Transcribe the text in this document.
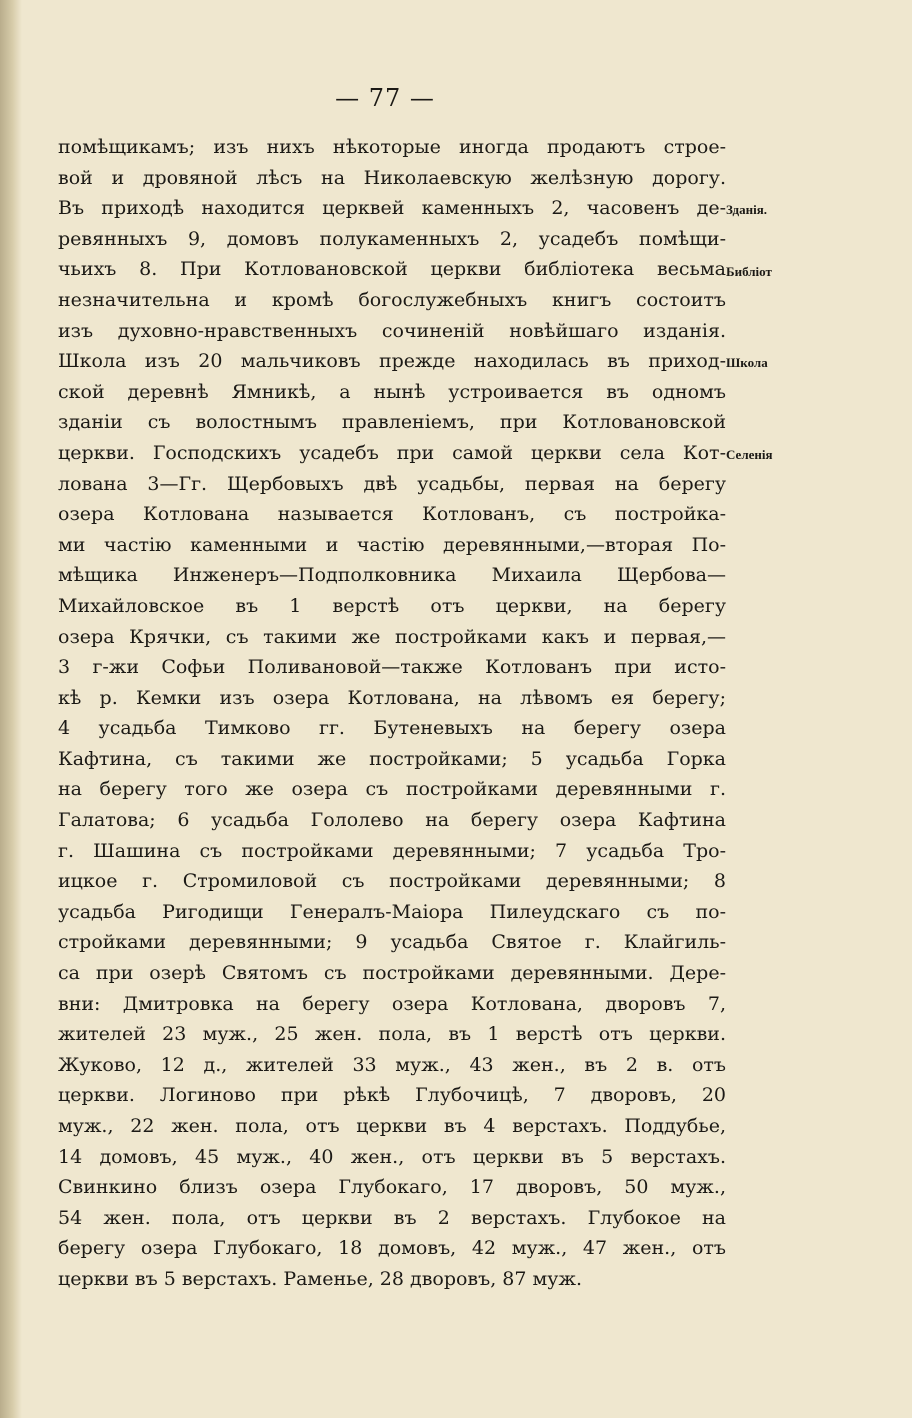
— 77 —
помѣщикамъ; изъ нихъ нѣкоторые иногда продаютъ строе-
вой и дровяной лѣсъ на Николаевскую желѣзную дорогу.
Въ приходѣ находится церквей каменныхъ 2, часовенъ де-
ревянныхъ 9, домовъ полукаменныхъ 2, усадебъ помѣщи-
чьихъ 8. При Котловановской церкви библіотека весьма
незначительна и кромѣ богослужебныхъ книгъ состоитъ
изъ духовно-нравственныхъ сочиненій новѣйшаго изданія.
Школа изъ 20 мальчиковъ прежде находилась въ приход-
ской деревнѣ Ямникѣ, а нынѣ устроивается въ одномъ
зданіи съ волостнымъ правленіемъ, при Котловановской
церкви. Господскихъ усадебъ при самой церкви села Кот-
лована 3—Гг. Щербовыхъ двѣ усадьбы, первая на берегу
озера Котлована называется Котлованъ, съ постройка-
ми частію каменными и частію деревянными,—вторая По-
мѣщика Инженеръ—Подполковника Михаила Щербова—
Михайловское въ 1 верстѣ отъ церкви, на берегу
озера Крячки, съ такими же постройками какъ и первая,—
3 г-жи Софьи Поливановой—также Котлованъ при исто-
кѣ р. Кемки изъ озера Котлована, на лѣвомъ ея берегу;
4 усадьба Тимково гг. Бутеневыхъ на берегу озера
Кафтина, съ такими же постройками; 5 усадьба Горка
на берегу того же озера съ постройками деревянными г.
Галатова; 6 усадьба Гололево на берегу озера Кафтина
г. Шашина съ постройками деревянными; 7 усадьба Тро-
ицкое г. Стромиловой съ постройками деревянными; 8
усадьба Ригодищи Генералъ-Маіора Пилеудскаго съ по-
стройками деревянными; 9 усадьба Святое г. Клайгиль-
са при озерѣ Святомъ съ постройками деревянными. Дере-
вни: Дмитровка на берегу озера Котлована, дворовъ 7,
жителей 23 муж., 25 жен. пола, въ 1 верстѣ отъ церкви.
Жуково, 12 д., жителей 33 муж., 43 жен., въ 2 в. отъ
церкви. Логиново при рѣкѣ Глубочицѣ, 7 дворовъ, 20
муж., 22 жен. пола, отъ церкви въ 4 верстахъ. Поддубье,
14 домовъ, 45 муж., 40 жен., отъ церкви въ 5 верстахъ.
Свинкино близъ озера Глубокаго, 17 дворовъ, 50 муж.,
54 жен. пола, отъ церкви въ 2 верстахъ. Глубокое на
берегу озера Глубокаго, 18 домовъ, 42 муж., 47 жен., отъ
церкви въ 5 верстахъ. Раменье, 28 дворовъ, 87 муж.
Зданія.
Библіот
Школа
Селенія
